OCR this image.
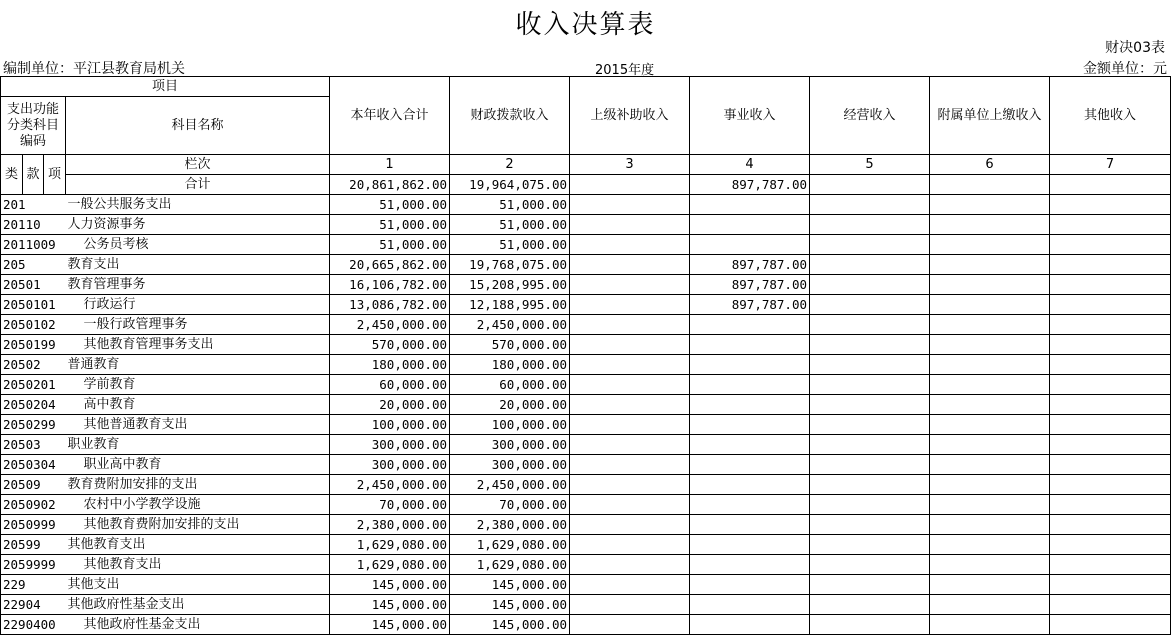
收入决算表
财决03表
编制单位：平江县教育局机关	2015年度	金额单位：元
项目				本年收入合计	财政拨款收入	上级补助收入	事业收入	经营收入	附属单位上缴收入	其他收入
支出功能分类科目编码			科目名称							
类	款	项	栏次	1	2	3	4	5	6	7
			合计	20,861,862.00	19,964,075.00		897,787.00			
201			一般公共服务支出	51,000.00	51,000.00					
20110			人力资源事务	51,000.00	51,000.00					
2011009			公务员考核	51,000.00	51,000.00					
205			教育支出	20,665,862.00	19,768,075.00		897,787.00			
20501			教育管理事务	16,106,782.00	15,208,995.00		897,787.00			
2050101			行政运行	13,086,782.00	12,188,995.00		897,787.00			
2050102			一般行政管理事务	2,450,000.00	2,450,000.00					
2050199			其他教育管理事务支出	570,000.00	570,000.00					
20502			普通教育	180,000.00	180,000.00					
2050201			学前教育	60,000.00	60,000.00					
2050204			高中教育	20,000.00	20,000.00					
2050299			其他普通教育支出	100,000.00	100,000.00					
20503			职业教育	300,000.00	300,000.00					
2050304			职业高中教育	300,000.00	300,000.00					
20509			教育费附加安排的支出	2,450,000.00	2,450,000.00					
2050902			农村中小学教学设施	70,000.00	70,000.00					
2050999			其他教育费附加安排的支出	2,380,000.00	2,380,000.00					
20599			其他教育支出	1,629,080.00	1,629,080.00					
2059999			其他教育支出	1,629,080.00	1,629,080.00					
229			其他支出	145,000.00	145,000.00					
22904			其他政府性基金支出	145,000.00	145,000.00					
2290400			其他政府性基金支出	145,000.00	145,000.00					
